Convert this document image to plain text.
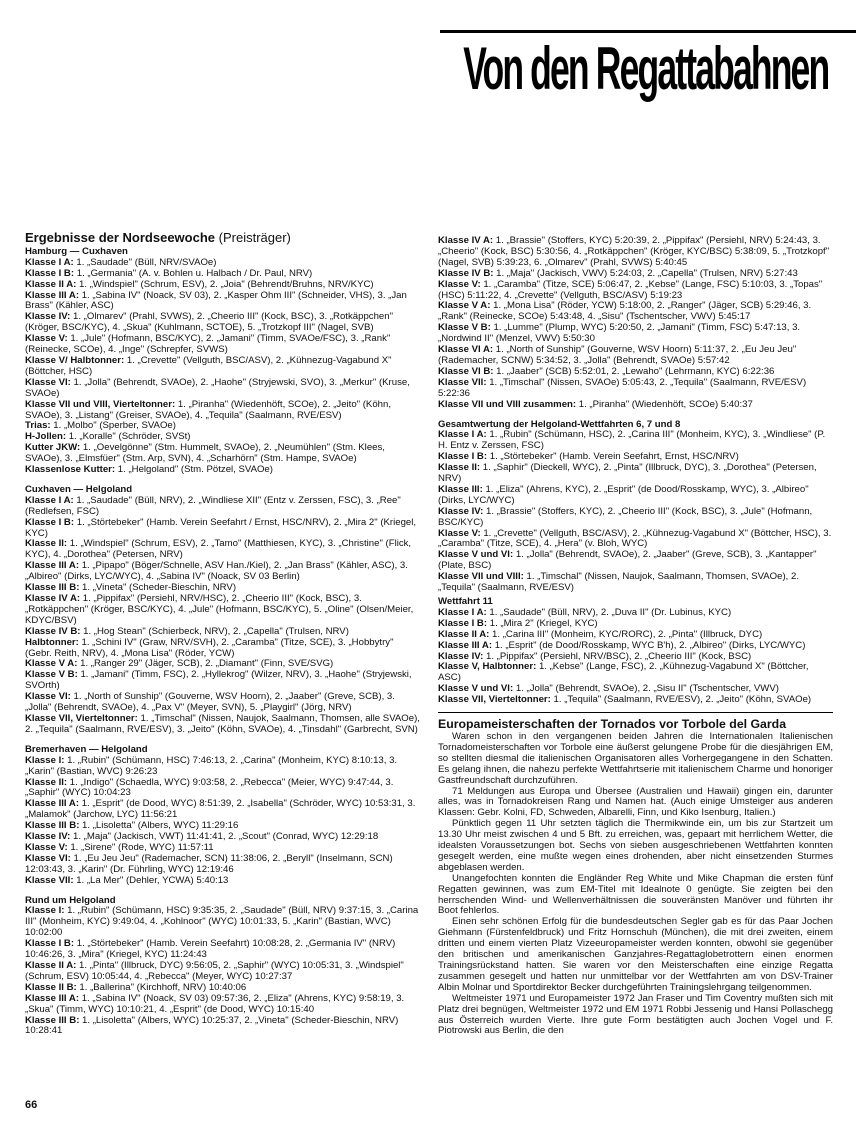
Von den Regattabahnen
Ergebnisse der Nordseewoche (Preisträger)
Hamburg — Cuxhaven

Klasse I A: 1. „Saudade" (Büll, NRV/SVAOe)

Klasse I B: 1. „Germania" (A. v. Bohlen u. Halbach / Dr. Paul, NRV)

Klasse II A: 1. „Windspiel" (Schrum, ESV), 2. „Joia" (Behrendt/Bruhns, NRV/KYC)

Klasse III A: 1. „Sabina IV" (Noack, SV 03), 2. „Kasper Ohm III" (Schneider, VHS), 3. „Jan Brass" (Kähler, ASC)

Klasse IV: 1. „Olmarev" (Prahl, SVWS), 2. „Cheerio III" (Kock, BSC), 3. „Rotkäppchen" (Kröger, BSC/KYC), 4. „Skua" (Kuhlmann, SCTOE), 5. „Trotzkopf III" (Nagel, SVB)

Klasse V: 1. „Jule" (Hofmann, BSC/KYC), 2. „Jamani" (Timm, SVAOe/FSC), 3. „Rank" (Reinecke, SCOe), 4. „Inge" (Schrepfer, SVWS)

Klasse V/ Halbtonner: 1. „Crevette" (Vellguth, BSC/ASV), 2. „Kühnezug-Vagabund X" (Böttcher, HSC)

Klasse VI: 1. „Jolla" (Behrendt, SVAOe), 2. „Haohe" (Stryjewski, SVO), 3. „Merkur" (Kruse, SVAOe)

Klasse VII und VIII, Vierteltonner: 1. „Piranha" (Wiedenhöft, SCOe), 2. „Jeito" (Köhn, SVAOe), 3. „Listang" (Greiser, SVAOe), 4. „Tequila" (Saalmann, RVE/ESV)

Trias: 1. „Molbo" (Sperber, SVAOe)

H-Jollen: 1. „Koralle" (Schröder, SVSt)

Kutter JKW: 1. „Oevelgönne" (Stm. Hummelt, SVAOe), 2. „Neumühlen" (Stm. Klees, SVAOe), 3. „Elmsfüer" (Stm. Arp, SVN), 4. „Scharhörn" (Stm. Hampe, SVAOe)

Klassenlose Kutter: 1. „Helgoland" (Stm. Pötzel, SVAOe)

Cuxhaven — Helgoland

Klasse I A: 1. „Saudade" (Büll, NRV), 2. „Windliese XII" (Entz v. Zerssen, FSC), 3. „Ree" (Redlefsen, FSC)

Klasse I B: 1. „Störtebeker" (Hamb. Verein Seefahrt / Ernst, HSC/NRV), 2. „Mira 2" (Kriegel, KYC)

Klasse II: 1. „Windspiel" (Schrum, ESV), 2. „Tamo" (Matthiesen, KYC), 3. „Christine" (Flick, KYC), 4. „Dorothea" (Petersen, NRV)

Klasse III A: 1. „Pipapo" (Böger/Schnelle, ASV Han./Kiel), 2. „Jan Brass" (Kähler, ASC), 3. „Albireo" (Dirks, LYC/WYC), 4. „Sabina IV" (Noack, SV 03 Berlin)

Klasse III B: 1. „Vineta" (Scheder-Bieschin, NRV)

Klasse IV A: 1. „Pippifax" (Persiehl, NRV/HSC), 2. „Cheerio III" (Kock, BSC), 3. „Rotkäppchen" (Kröger, BSC/KYC), 4. „Jule" (Hofmann, BSC/KYC), 5. „Oline" (Olsen/Meier, KDYC/BSV)

Klasse IV B: 1. „Hog Stean" (Schierbeck, NRV), 2. „Capella" (Trulsen, NRV)

Halbtonner: 1. „Schini IV" (Graw, NRV/SVH), 2. „Caramba" (Titze, SCE), 3. „Hobbytry" (Gebr. Reith, NRV), 4. „Mona Lisa" (Röder, YCW)

Klasse V A: 1. „Ranger 29" (Jäger, SCB), 2. „Diamant" (Finn, SVE/SVG)

Klasse V B: 1. „Jamani" (Timm, FSC), 2. „Hyllekrog" (Wilzer, NRV), 3. „Haohe" (Stryjewski, SVOrth)

Klasse VI: 1. „North of Sunship" (Gouverne, WSV Hoorn), 2. „Jaaber" (Greve, SCB), 3. „Jolla" (Behrendt, SVAOe), 4. „Pax V" (Meyer, SVN), 5. „Playgirl" (Jörg, NRV)

Klasse VII, Vierteltonner: 1. „Timschal" (Nissen, Naujok, Saalmann, Thomsen, alle SVAOe), 2. „Tequila" (Saalmann, RVE/ESV), 3. „Jeito" (Köhn, SVAOe), 4. „Tinsdahl" (Garbrecht, SVN)

Bremerhaven — Helgoland

Klasse I: 1. „Rubin" (Schümann, HSC) 7:46:13, 2. „Carina" (Monheim, KYC) 8:10:13, 3. „Karin" (Bastian, WVC) 9:26:23

Klasse II: 1. „Indigo" (Schaedla, WYC) 9:03:58, 2. „Rebecca" (Meier, WYC) 9:47:44, 3. „Saphir" (WYC) 10:04:23

Klasse III A: 1. „Esprit" (de Dood, WYC) 8:51:39, 2. „Isabella" (Schröder, WYC) 10:53:31, 3. „Malamok" (Jarchow, LYC) 11:56:21

Klasse III B: 1. „Lisoletta" (Albers, WYC) 11:29:16

Klasse IV: 1. „Maja" (Jackisch, VWT) 11:41:41, 2. „Scout" (Conrad, WYC) 12:29:18

Klasse V: 1. „Sirene" (Rode, WYC) 11:57:11

Klasse VI: 1. „Eu Jeu Jeu" (Rademacher, SCN) 11:38:06, 2. „Beryll" (Inselmann, SCN) 12:03:43, 3. „Karin" (Dr. Führling, WYC) 12:19:46

Klasse VII: 1. „La Mer" (Dehler, YCWA) 5:40:13

Rund um Helgoland

Klasse I: 1. „Rubin" (Schümann, HSC) 9:35:35, 2. „Saudade" (Büll, NRV) 9:37:15, 3. „Carina III" (Monheim, KYC) 9:49:04, 4. „Kohlnoor" (WYC) 10:01:33, 5. „Karin" (Bastian, WVC) 10:02:00

Klasse I B: 1. „Störtebeker" (Hamb. Verein Seefahrt) 10:08:28, 2. „Germania IV" (NRV) 10:46:26, 3. „Mira" (Kriegel, KYC) 11:24:43

Klasse II A: 1. „Pinta" (Illbruck, DYC) 9:56:05, 2. „Saphir" (WYC) 10:05:31, 3. „Windspiel" (Schrum, ESV) 10:05:44, 4. „Rebecca" (Meyer, WYC) 10:27:37

Klasse II B: 1. „Ballerina" (Kirchhoff, NRV) 10:40:06

Klasse III A: 1. „Sabina IV" (Noack, SV 03) 09:57:36, 2. „Eliza" (Ahrens, KYC) 9:58:19, 3. „Skua" (Timm, WYC) 10:10:21, 4. „Esprit" (de Dood, WYC) 10:15:40

Klasse III B: 1. „Lisoletta" (Albers, WYC) 10:25:37, 2. „Vineta" (Scheder-Bieschin, NRV) 10:28:41

Klasse IV A: 1. „Brassie" (Stoffers, KYC) 5:20:39, 2. „Pippifax" (Persiehl, NRV) 5:24:43, 3. „Cheerio" (Kock, BSC) 5:30:56, 4. „Rotkäppchen" (Kröger, KYC/BSC) 5:38:09, 5. „Trotzkopf" (Nagel, SVB) 5:39:23, 6. „Olmarev" (Prahl, SVWS) 5:40:45

Klasse IV B: 1. „Maja" (Jackisch, VWV) 5:24:03, 2. „Capella" (Trulsen, NRV) 5:27:43

Klasse V: 1. „Caramba" (Titze, SCE) 5:06:47, 2. „Kebse" (Lange, FSC) 5:10:03, 3. „Topas" (HSC) 5:11:22, 4. „Crevette" (Vellguth, BSC/ASV) 5:19:23

Klasse V A: 1. „Mona Lisa" (Röder, YCW) 5:18:00, 2. „Ranger" (Jäger, SCB) 5:29:46, 3. „Rank" (Reinecke, SCOe) 5:43:48, 4. „Sisu" (Tschentscher, VWV) 5:45:17

Klasse V B: 1. „Lumme" (Plump, WYC) 5:20:50, 2. „Jamani" (Timm, FSC) 5:47:13, 3. „Nordwind II" (Menzel, VWV) 5:50:30

Klasse VI A: 1. „North of Sunship" (Gouverne, WSV Hoorn) 5:11:37, 2. „Eu Jeu Jeu" (Rademacher, SCNW) 5:34:52, 3. „Jolla" (Behrendt, SVAOe) 5:57:42

Klasse VI B: 1. „Jaaber" (SCB) 5:52:01, 2. „Lewaho" (Lehrmann, KYC) 6:22:36

Klasse VII: 1. „Timschal" (Nissen, SVAOe) 5:05:43, 2. „Tequila" (Saalmann, RVE/ESV) 5:22:36

Klasse VII und VIII zusammen: 1. „Piranha" (Wiedenhöft, SCOe) 5:40:37

Gesamtwertung der Helgoland-Wettfahrten 6, 7 und 8

Klasse I A: 1. „Rubin" (Schümann, HSC), 2. „Carina III" (Monheim, KYC), 3. „Windliese" (P. H. Entz v. Zerssen, FSC)

Klasse I B: 1. „Störtebeker" (Hamb. Verein Seefahrt, Ernst, HSC/NRV)

Klasse II: 1. „Saphir" (Dieckell, WYC), 2. „Pinta" (Illbruck, DYC), 3. „Dorothea" (Petersen, NRV)

Klasse III: 1. „Eliza" (Ahrens, KYC), 2. „Esprit" (de Dood/Rosskamp, WYC), 3. „Albireo" (Dirks, LYC/WYC)

Klasse IV: 1. „Brassie" (Stoffers, KYC), 2. „Cheerio III" (Kock, BSC), 3. „Jule" (Hofmann, BSC/KYC)

Klasse V: 1. „Crevette" (Vellguth, BSC/ASV), 2. „Kühnezug-Vagabund X" (Böttcher, HSC), 3. „Caramba" (Titze, SCE), 4. „Hera" (v. Bloh, WYC)

Klasse V und VI: 1. „Jolla" (Behrendt, SVAOe), 2. „Jaaber" (Greve, SCB), 3. „Kantapper" (Plate, BSC)

Klasse VII und VIII: 1. „Timschal" (Nissen, Naujok, Saalmann, Thomsen, SVAOe), 2. „Tequila" (Saalmann, RVE/ESV)

Wettfahrt 11

Klasse I A: 1. „Saudade" (Büll, NRV), 2. „Duva II" (Dr. Lubinus, KYC)

Klasse I B: 1. „Mira 2" (Kriegel, KYC)

Klasse II A: 1. „Carina III" (Monheim, KYC/RORC), 2. „Pinta" (Illbruck, DYC)

Klasse III A: 1. „Esprit" (de Dood/Rosskamp, WYC B'h), 2. „Albireo" (Dirks, LYC/WYC)

Klasse IV: 1. „Pippifax" (Persiehl, NRV/BSC), 2. „Cheerio III" (Kock, BSC)

Klasse V, Halbtonner: 1. „Kebse" (Lange, FSC), 2. „Kühnezug-Vagabund X" (Böttcher, ASC)

Klasse V und VI: 1. „Jolla" (Behrendt, SVAOe), 2. „Sisu II" (Tschentscher, VWV)

Klasse VII, Vierteltonner: 1. „Tequila" (Saalmann, RVE/ESV), 2. „Jeito" (Köhn, SVAOe)

Europameisterschaften der Tornados vor Torbole del Garda

Waren schon in den vergangenen beiden Jahren die Internationalen Italienischen Tornadomeisterschaften vor Torbole eine äußerst gelungene Probe für die diesjährigen EM, so stellten diesmal die italienischen Organisatoren alles Vorhergegangene in den Schatten. Es gelang ihnen, die nahezu perfekte Wettfahrtserie mit italienischem Charme und honoriger Gastfreundschaft durchzuführen.

71 Meldungen aus Europa und Übersee (Australien und Hawaii) gingen ein, darunter alles, was in Tornadokreisen Rang und Namen hat. (Auch einige Umsteiger aus anderen Klassen: Gebr. Kolni, FD, Schweden, Albarelli, Finn, und Kiko Isenburg, Italien.)

Pünktlich gegen 11 Uhr setzten täglich die Thermikwinde ein, um bis zur Startzeit um 13.30 Uhr meist zwischen 4 und 5 Bft. zu erreichen, was, gepaart mit herrlichem Wetter, die idealsten Voraussetzungen bot. Sechs von sieben ausgeschriebenen Wettfahrten konnten gesegelt werden, eine mußte wegen eines drohenden, aber nicht einsetzenden Sturmes abgeblasen werden.

Unangefochten konnten die Engländer Reg White und Mike Chapman die ersten fünf Regatten gewinnen, was zum EM-Titel mit Idealnote 0 genügte. Sie zeigten bei den herrschenden Wind- und Wellenverhältnissen die souveränsten Manöver und führten ihr Boot fehlerlos.

Einen sehr schönen Erfolg für die bundesdeutschen Segler gab es für das Paar Jochen Giehmann (Fürstenfeldbruck) und Fritz Hornschuh (München), die mit drei zweiten, einem dritten und einem vierten Platz Vizeeuropameister werden konnten, obwohl sie gegenüber den britischen und amerikanischen Ganzjahres-Regattaglobetrottern einen enormen Trainingsrückstand hatten. Sie waren vor den Meisterschaften eine einzige Regatta zusammen gesegelt und hatten nur unmittelbar vor der Wettfahrten am von DSV-Trainer Albin Molnar und Sportdirektor Becker durchgeführten Trainingslehrgang teilgenommen.

Weltmeister 1971 und Europameister 1972 Jan Fraser und Tim Coventry mußten sich mit Platz drei begnügen, Weltmeister 1972 und EM 1971 Robbi Jessenig und Hansi Pollaschegg aus Österreich wurden Vierte. Ihre gute Form bestätigten auch Jochen Vogel und F. Piotrowski aus Berlin, die den

66
